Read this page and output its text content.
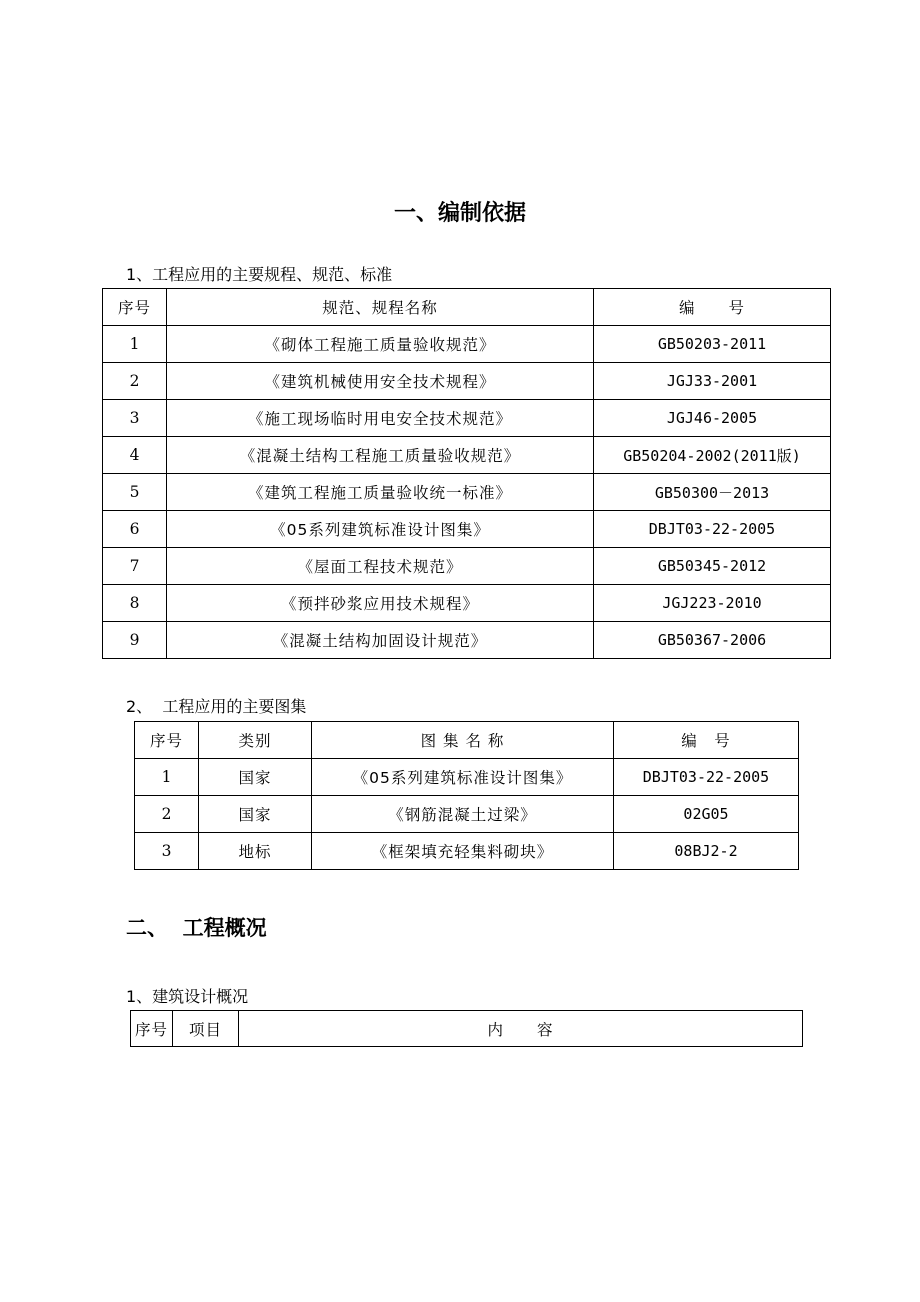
一、编制依据
1、工程应用的主要规程、规范、标准
序号	规范、规程名称	编　　号
1	《砌体工程施工质量验收规范》	GB50203-2011
2	《建筑机械使用安全技术规程》	JGJ33-2001
3	《施工现场临时用电安全技术规范》	JGJ46-2005
4	《混凝土结构工程施工质量验收规范》	GB50204-2002(2011版)
5	《建筑工程施工质量验收统一标准》	GB50300－2013
6	《05系列建筑标准设计图集》	DBJT03-22-2005
7	《屋面工程技术规范》	GB50345-2012
8	《预拌砂浆应用技术规程》	JGJ223-2010
9	《混凝土结构加固设计规范》	GB50367-2006
2、  工程应用的主要图集
序号	类别	图 集 名 称	编　号
1	国家	《05系列建筑标准设计图集》	DBJT03-22-2005
2	国家	《钢筋混凝土过梁》	02G05
3	地标	《框架填充轻集料砌块》	08BJ2-2
二、  工程概况
1、建筑设计概况
序号	项目	内　　容
